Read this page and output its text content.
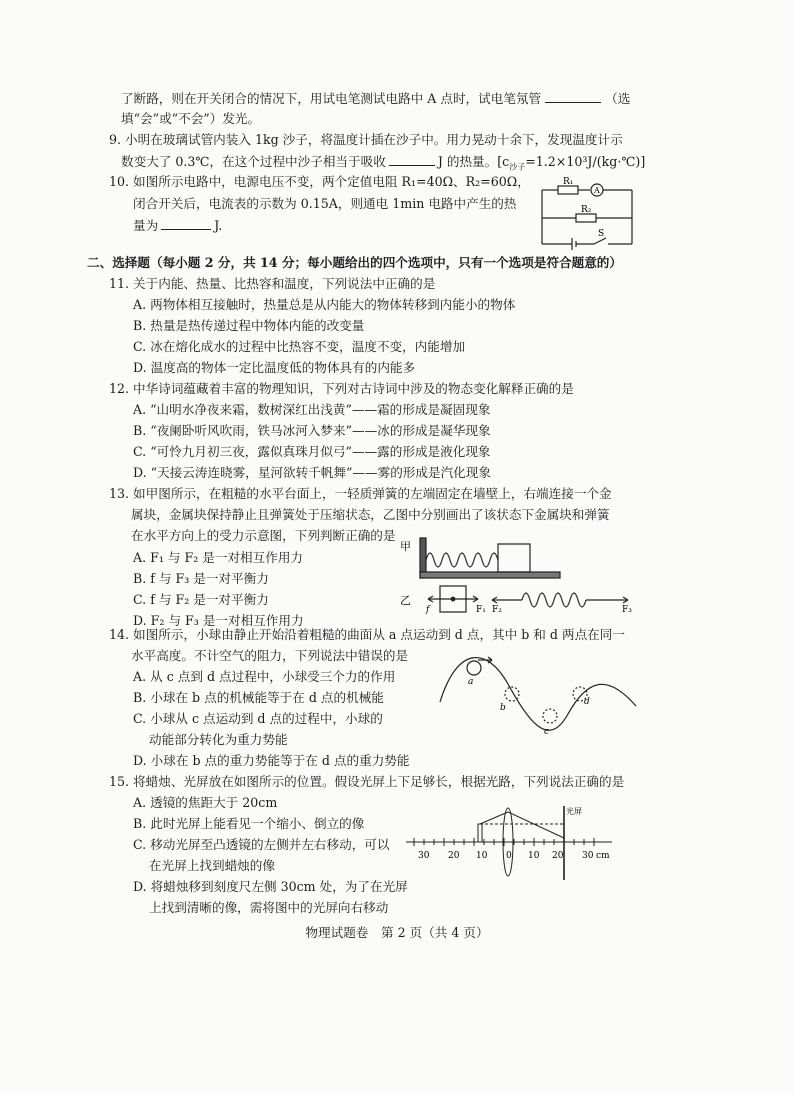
了断路，则在开关闭合的情况下，用试电笔测试电路中 A 点时，试电笔氖管	（选
填“会”或“不会”）发光。
9. 小明在玻璃试管内装入 1kg 沙子，将温度计插在沙子中。用力晃动十余下，发现温度计示
数变大了 0.3℃，在这个过程中沙子相当于吸收	J 的热量。$[c_{沙子}=1.2\times 10^3J/(kg\cdot℃)]$
10. 如图所示电路中，电源电压不变，两个定值电阻 R₁=40Ω、R₂=60Ω，
闭合开关后，电流表的示数为 0.15A，则通电 1min 电路中产生的热
量为	J.
R₁
A
R₂
S
二、选择题（每小题 2 分，共 14 分；每小题给出的四个选项中，只有一个选项是符合题意的）
11. 关于内能、热量、比热容和温度，下列说法中正确的是
A. 两物体相互接触时，热量总是从内能大的物体转移到内能小的物体
B. 热量是热传递过程中物体内能的改变量
C. 冰在熔化成水的过程中比热容不变，温度不变，内能增加
D. 温度高的物体一定比温度低的物体具有的内能多
12. 中华诗词蕴藏着丰富的物理知识，下列对古诗词中涉及的物态变化解释正确的是
A. “山明水净夜来霜，数树深红出浅黄”——霜的形成是凝固现象
B. “夜阑卧听风吹雨，铁马冰河入梦来”——冰的形成是凝华现象
C. “可怜九月初三夜，露似真珠月似弓”——露的形成是液化现象
D. “天接云涛连晓雾，星河欲转千帆舞”——雾的形成是汽化现象
13. 如甲图所示，在粗糙的水平台面上，一轻质弹簧的左端固定在墙壁上，右端连接一个金
属块，金属块保持静止且弹簧处于压缩状态，乙图中分别画出了该状态下金属块和弹簧
在水平方向上的受力示意图，下列判断正确的是
A. F₁ 与 F₂ 是一对相互作用力
B. f 与 F₃ 是一对平衡力
C. f 与 F₂ 是一对平衡力
D. F₂ 与 F₃ 是一对相互作用力
甲
乙
f	F₁ F₂	F₃
14. 如图所示，小球由静止开始沿着粗糙的曲面从 a 点运动到 d 点，其中 b 和 d 两点在同一
水平高度。不计空气的阻力，下列说法中错误的是
A. 从 c 点到 d 点过程中，小球受三个力的作用
B. 小球在 b 点的机械能等于在 d 点的机械能
C. 小球从 c 点运动到 d 点的过程中，小球的
动能部分转化为重力势能
D. 小球在 b 点的重力势能等于在 d 点的重力势能
a
b
c
d
15. 将蜡烛、光屏放在如图所示的位置。假设光屏上下足够长，根据光路，下列说法正确的是
A. 透镜的焦距大于 20cm
B. 此时光屏上能看见一个缩小、倒立的像
C. 移动光屏至凸透镜的左侧并左右移动，可以
在光屏上找到蜡烛的像
D. 将蜡烛移到刻度尺左侧 30cm 处，为了在光屏
上找到清晰的像，需将图中的光屏向右移动
光屏
30 20 10 0 10 20 30 cm
物理试题卷　第 2 页（共 4 页）
